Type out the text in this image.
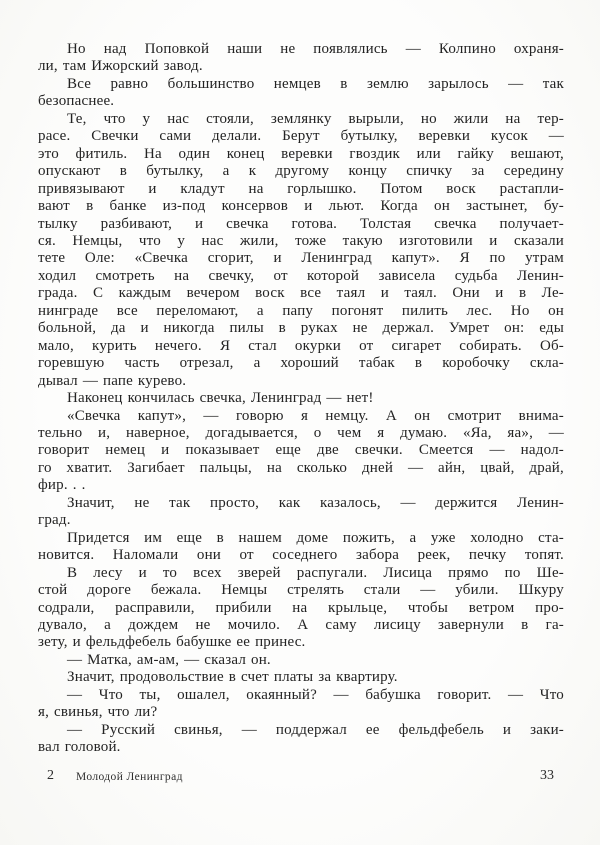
Но над Поповкой наши не появлялись — Колпино охраня-
ли, там Ижорский завод.
Все равно большинство немцев в землю зарылось — так
безопаснее.
Те, что у нас стояли, землянку вырыли, но жили на тер-
расе. Свечки сами делали. Берут бутылку, веревки кусок —
это фитиль. На один конец веревки гвоздик или гайку вешают,
опускают в бутылку, а к другому концу спичку за середину
привязывают и кладут на горлышко. Потом воск растапли-
вают в банке из-под консервов и льют. Когда он застынет, бу-
тылку разбивают, и свечка готова. Толстая свечка получает-
ся. Немцы, что у нас жили, тоже такую изготовили и сказали
тете Оле: «Свечка сгорит, и Ленинград капут». Я по утрам
ходил смотреть на свечку, от которой зависела судьба Ленин-
града. С каждым вечером воск все таял и таял. Они и в Ле-
нинграде все переломают, а папу погонят пилить лес. Но он
больной, да и никогда пилы в руках не держал. Умрет он: еды
мало, курить нечего. Я стал окурки от сигарет собирать. Об-
горевшую часть отрезал, а хороший табак в коробочку скла-
дывал — папе курево.
Наконец кончилась свечка, Ленинград — нет!
«Свечка капут», — говорю я немцу. А он смотрит внима-
тельно и, наверное, догадывается, о чем я думаю. «Яа, яа», —
говорит немец и показывает еще две свечки. Смеется — надол-
го хватит. Загибает пальцы, на сколько дней — айн, цвай, драй,
фир. . .
Значит, не так просто, как казалось, — держится Ленин-
град.
Придется им еще в нашем доме пожить, а уже холодно ста-
новится. Наломали они от соседнего забора реек, печку топят.
В лесу и то всех зверей распугали. Лисица прямо по Ше-
стой дороге бежала. Немцы стрелять стали — убили. Шкуру
содрали, расправили, прибили на крыльце, чтобы ветром про-
дувало, а дождем не мочило. А саму лисицу завернули в га-
зету, и фельдфебель бабушке ее принес.
— Матка, ам-ам, — сказал он.
Значит, продовольствие в счет платы за квартиру.
— Что ты, ошалел, окаянный? — бабушка говорит. — Что
я, свинья, что ли?
— Русский свинья, — поддержал ее фельдфебель и заки-
вал головой.
2 Молодой Ленинград	33
